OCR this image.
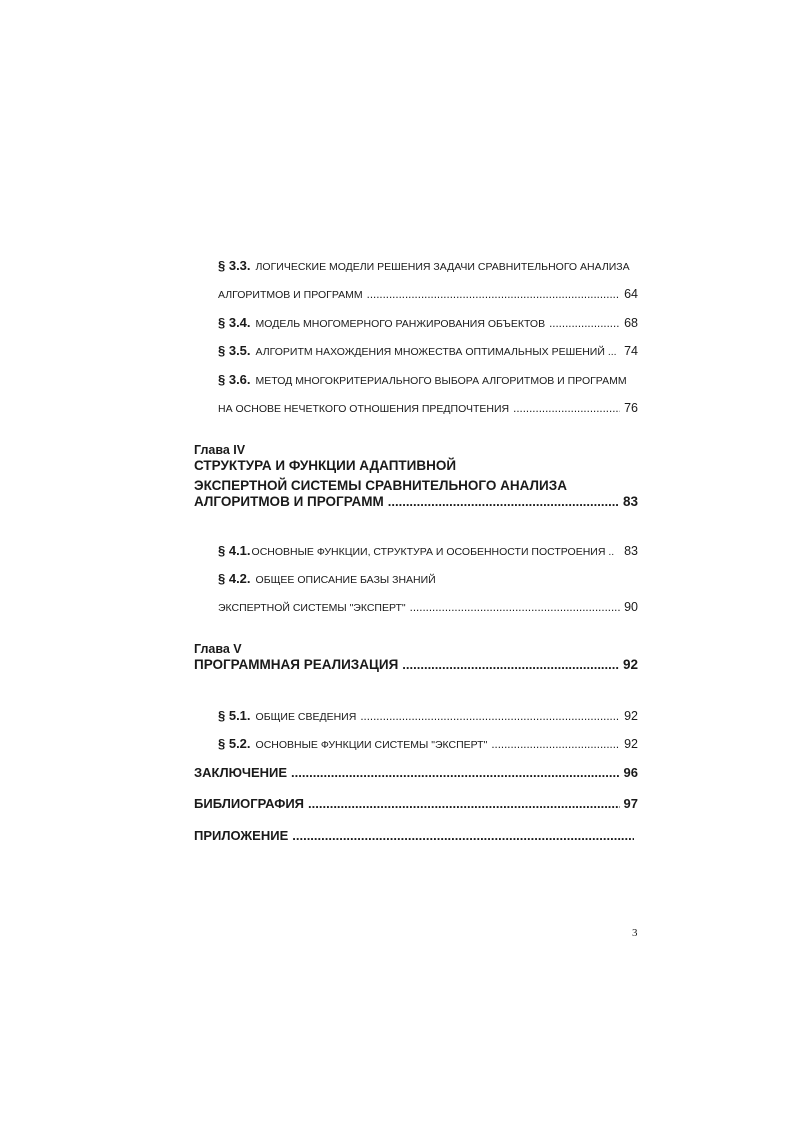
§ 3.3. ЛОГИЧЕСКИЕ МОДЕЛИ РЕШЕНИЯ ЗАДАЧИ СРАВНИТЕЛЬНОГО АНАЛИЗА
АЛГОРИТМОВ И ПРОГРАММ .....	64
§ 3.4. МОДЕЛЬ МНОГОМЕРНОГО РАНЖИРОВАНИЯ ОБЪЕКТОВ .....	68
§ 3.5. АЛГОРИТМ НАХОЖДЕНИЯ МНОЖЕСТВА ОПТИМАЛЬНЫХ РЕШЕНИЙ ... 74
§ 3.6. МЕТОД МНОГОКРИТЕРИАЛЬНОГО ВЫБОРА АЛГОРИТМОВ И ПРОГРАММ
НА ОСНОВЕ НЕЧЕТКОГО ОТНОШЕНИЯ ПРЕДПОЧТЕНИЯ .....	76
Глава IV
СТРУКТУРА И ФУНКЦИИ АДАПТИВНОЙ
ЭКСПЕРТНОЙ СИСТЕМЫ СРАВНИТЕЛЬНОГО АНАЛИЗА
АЛГОРИТМОВ И ПРОГРАММ .....	83
§ 4.1. ОСНОВНЫЕ ФУНКЦИИ, СТРУКТУРА И ОСОБЕННОСТИ ПОСТРОЕНИЯ .. 83
§ 4.2. ОБЩЕЕ ОПИСАНИЕ БАЗЫ ЗНАНИЙ
ЭКСПЕРТНОЙ СИСТЕМЫ "ЭКСПЕРТ" .....	90
Глава V
ПРОГРАММНАЯ РЕАЛИЗАЦИЯ .....	92
§ 5.1. ОБЩИЕ СВЕДЕНИЯ .....	92
§ 5.2. ОСНОВНЫЕ ФУНКЦИИ СИСТЕМЫ "ЭКСПЕРТ" .....	92
ЗАКЛЮЧЕНИЕ .....	96
БИБЛИОГРАФИЯ .....	97
ПРИЛОЖЕНИЕ
.....
3
